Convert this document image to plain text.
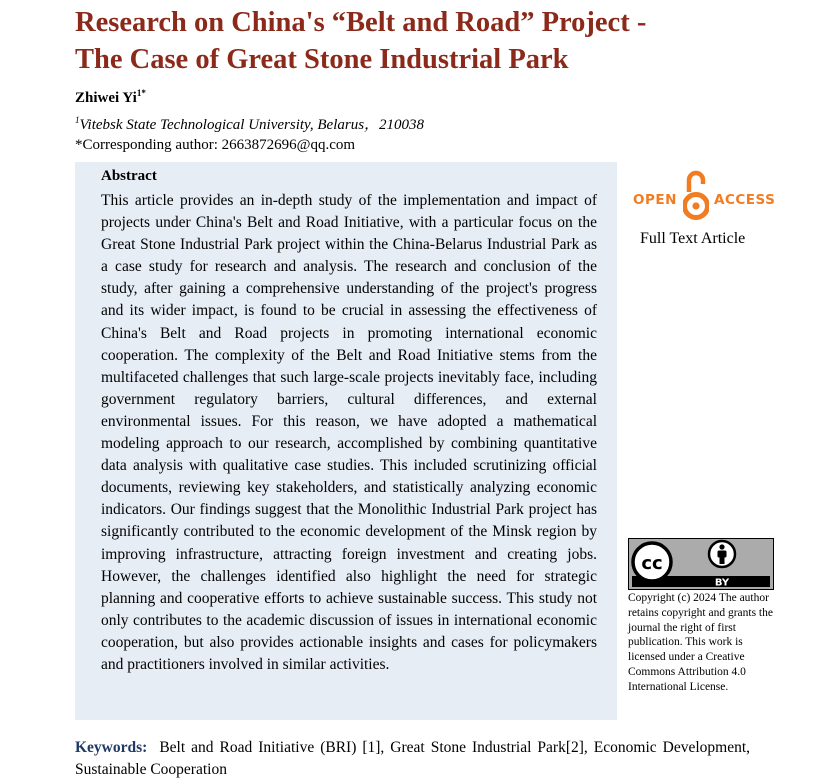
Research on China's “Belt and Road” Project -
The Case of Great Stone Industrial Park
Zhiwei $Yi^{1*}$
$^1$Vitebsk State Technological University, Belarus，210038
*Corresponding author: 2663872696@qq.com
Abstract
This article provides an in-depth study of the implementation and impact of projects under China's Belt and Road Initiative, with a particular focus on the Great Stone Industrial Park project within the China-Belarus Industrial Park as a case study for research and analysis. The research and conclusion of the study, after gaining a comprehensive understanding of the project's progress and its wider impact, is found to be crucial in assessing the effectiveness of China's Belt and Road projects in promoting international economic cooperation. The complexity of the Belt and Road Initiative stems from the multifaceted challenges that such large-scale projects inevitably face, including government regulatory barriers, cultural differences, and external environmental issues. For this reason, we have adopted a mathematical modeling approach to our research, accomplished by combining quantitative data analysis with qualitative case studies. This included scrutinizing official documents, reviewing key stakeholders, and statistically analyzing economic indicators. Our findings suggest that the Monolithic Industrial Park project has significantly contributed to the economic development of the Minsk region by improving infrastructure, attracting foreign investment and creating jobs. However, the challenges identified also highlight the need for strategic planning and cooperative efforts to achieve sustainable success. This study not only contributes to the academic discussion of issues in international economic cooperation, but also provides actionable insights and cases for policymakers and practitioners involved in similar activities.
OPEN	ACCESS
Full Text Article
cc
BY
Copyright (c) 2024 The author retains copyright and grants the journal the right of first publication. This work is licensed under a Creative Commons Attribution 4.0 International License.
Keywords: Belt and Road Initiative (BRI) [1], Great Stone Industrial Park[2], Economic Development, Sustainable Cooperation
